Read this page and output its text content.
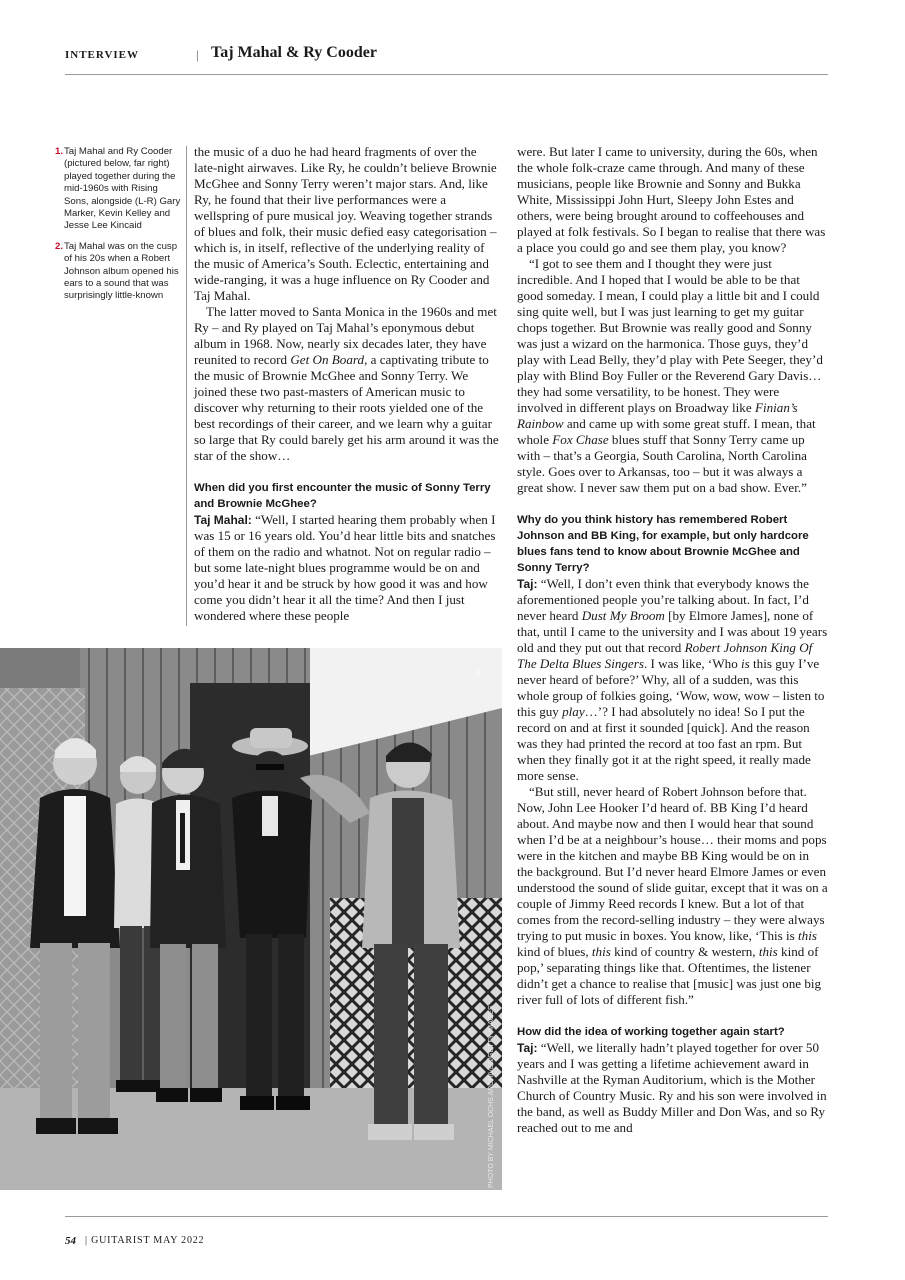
INTERVIEW	| Taj Mahal & Ry Cooder
1. Taj Mahal and Ry Cooder (pictured below, far right) played together during the mid-1960s with Rising Sons, alongside (L-R) Gary Marker, Kevin Kelley and Jesse Lee Kincaid
2. Taj Mahal was on the cusp of his 20s when a Robert Johnson album opened his ears to a sound that was surprisingly little-known

the music of a duo he had heard fragments of over the late-night airwaves. Like Ry, he couldn’t believe Brownie McGhee and Sonny Terry weren’t major stars. And, like Ry, he found that their live performances were a wellspring of pure musical joy. Weaving together strands of blues and folk, their music defied easy categorisation – which is, in itself, reflective of the underlying reality of the music of America’s South. Eclectic, entertaining and wide-ranging, it was a huge influence on Ry Cooder and Taj Mahal.

The latter moved to Santa Monica in the 1960s and met Ry – and Ry played on Taj Mahal’s eponymous debut album in 1968. Now, nearly six decades later, they have reunited to record Get On Board, a captivating tribute to the music of Brownie McGhee and Sonny Terry. We joined these two past-masters of American music to discover why returning to their roots yielded one of the best recordings of their career, and we learn why a guitar so large that Ry could barely get his arm around it was the star of the show…

When did you first encounter the music of Sonny Terry and Brownie McGhee?

Taj Mahal: “Well, I started hearing them probably when I was 15 or 16 years old. You’d hear little bits and snatches of them on the radio and whatnot. Not on regular radio – but some late-night blues programme would be on and you’d hear it and be struck by how good it was and how come you didn’t hear it all the time? And then I just wondered where these people

1
PHOTO BY MICHAEL OCHS ARCHIVES/GETTY IMAGES

were. But later I came to university, during the 60s, when the whole folk-craze came through. And many of these musicians, people like Brownie and Sonny and Bukka White, Mississippi John Hurt, Sleepy John Estes and others, were being brought around to coffeehouses and played at folk festivals. So I began to realise that there was a place you could go and see them play, you know?

“I got to see them and I thought they were just incredible. And I hoped that I would be able to be that good someday. I mean, I could play a little bit and I could sing quite well, but I was just learning to get my guitar chops together. But Brownie was really good and Sonny was just a wizard on the harmonica. Those guys, they’d play with Lead Belly, they’d play with Pete Seeger, they’d play with Blind Boy Fuller or the Reverend Gary Davis… they had some versatility, to be honest. They were involved in different plays on Broadway like Finian’s Rainbow and came up with some great stuff. I mean, that whole Fox Chase blues stuff that Sonny Terry came up with – that’s a Georgia, South Carolina, North Carolina style. Goes over to Arkansas, too – but it was always a great show. I never saw them put on a bad show. Ever.”

Why do you think history has remembered Robert Johnson and BB King, for example, but only hardcore blues fans tend to know about Brownie McGhee and Sonny Terry?

Taj: “Well, I don’t even think that everybody knows the aforementioned people you’re talking about. In fact, I’d never heard Dust My Broom [by Elmore James], none of that, until I came to the university and I was about 19 years old and they put out that record Robert Johnson King Of The Delta Blues Singers. I was like, ‘Who is this guy I’ve never heard of before?’ Why, all of a sudden, was this whole group of folkies going, ‘Wow, wow, wow – listen to this guy play…’? I had absolutely no idea! So I put the record on and at first it sounded [quick]. And the reason was they had printed the record at too fast an rpm. But when they finally got it at the right speed, it really made more sense.

“But still, never heard of Robert Johnson before that. Now, John Lee Hooker I’d heard of. BB King I’d heard about. And maybe now and then I would hear that sound when I’d be at a neighbour’s house… their moms and pops were in the kitchen and maybe BB King would be on in the background. But I’d never heard Elmore James or even understood the sound of slide guitar, except that it was on a couple of Jimmy Reed records I knew. But a lot of that comes from the record-selling industry – they were always trying to put music in boxes. You know, like, ‘This is this kind of blues, this kind of country & western, this kind of pop,’ separating things like that. Oftentimes, the listener didn’t get a chance to realise that [music] was just one big river full of lots of different fish.”

How did the idea of working together again start?

Taj: “Well, we literally hadn’t played together for over 50 years and I was getting a lifetime achievement award in Nashville at the Ryman Auditorium, which is the Mother Church of Country Music. Ry and his son were involved in the band, as well as Buddy Miller and Don Was, and so Ry reached out to me and

54 | GUITARIST MAY 2022
